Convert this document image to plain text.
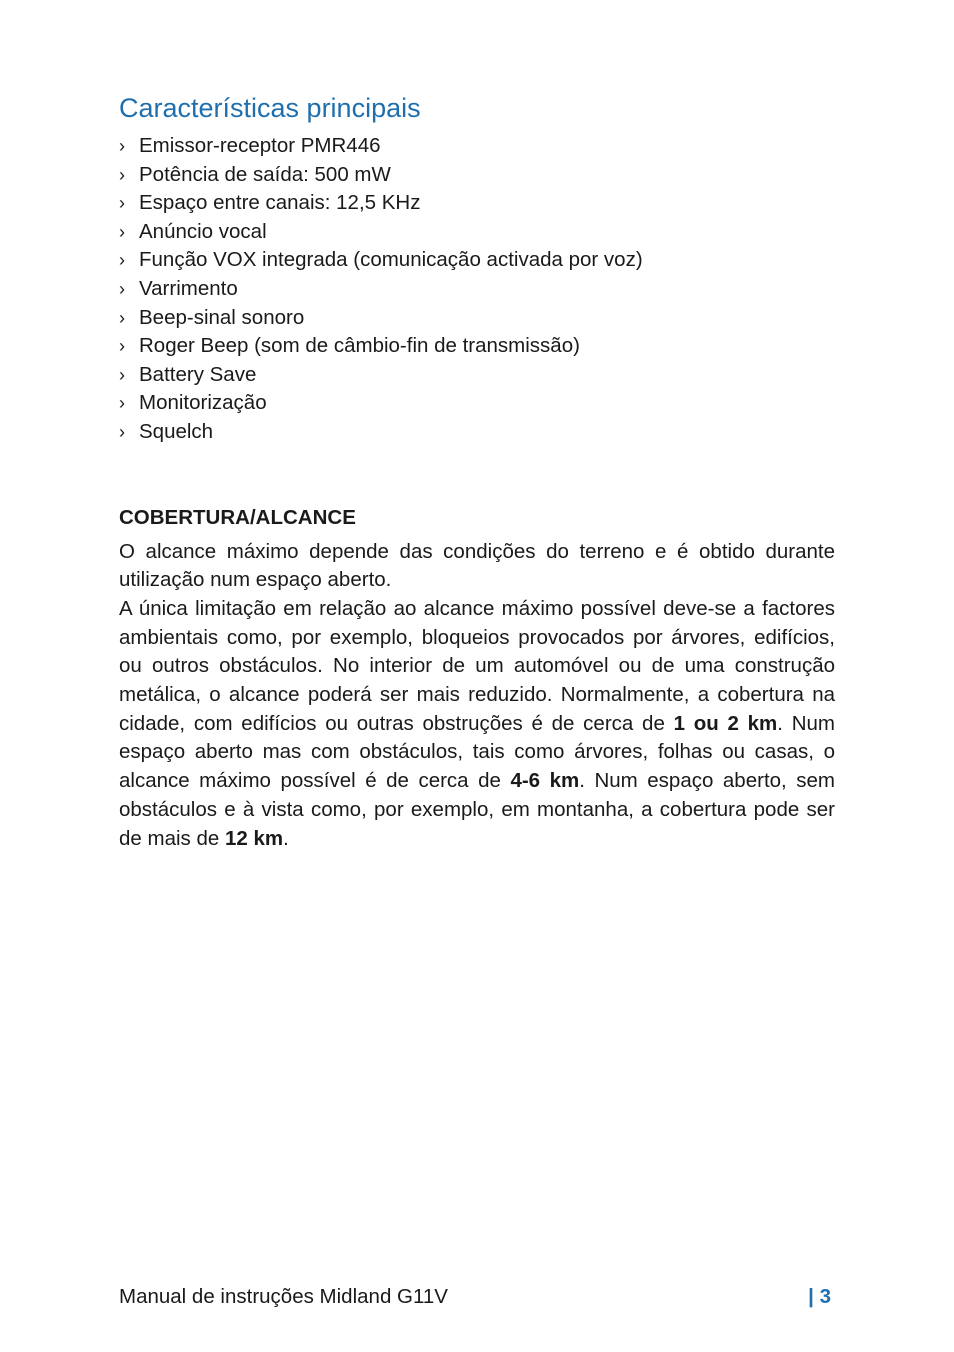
Características principais
› Emissor-receptor PMR446
› Potência de saída: 500 mW
› Espaço entre canais: 12,5 KHz
› Anúncio vocal
› Função VOX integrada (comunicação activada por voz)
› Varrimento
› Beep-sinal sonoro
› Roger Beep (som de câmbio-fin de transmissão)
› Battery Save
› Monitorização
› Squelch
COBERTURA/ALCANCE

O alcance máximo depende das condições do terreno e é obtido durante utilização num espaço aberto.

A única limitação em relação ao alcance máximo possível deve-se a factores ambientais como, por exemplo, bloqueios provocados por árvores, edifícios, ou outros obstáculos. No interior de um automóvel ou de uma construção metálica, o alcance poderá ser mais reduzido. Normalmente, a cobertura na cidade, com edifícios ou outras obstruções é de cerca de 1 ou 2 km. Num espaço aberto mas com obstáculos, tais como árvores, folhas ou casas, o alcance máximo possível é de cerca de 4-6 km. Num espaço aberto, sem obstáculos e à vista como, por exemplo, em montanha, a cobertura pode ser de mais de 12 km.

Manual de instruções Midland G11V	| 3
